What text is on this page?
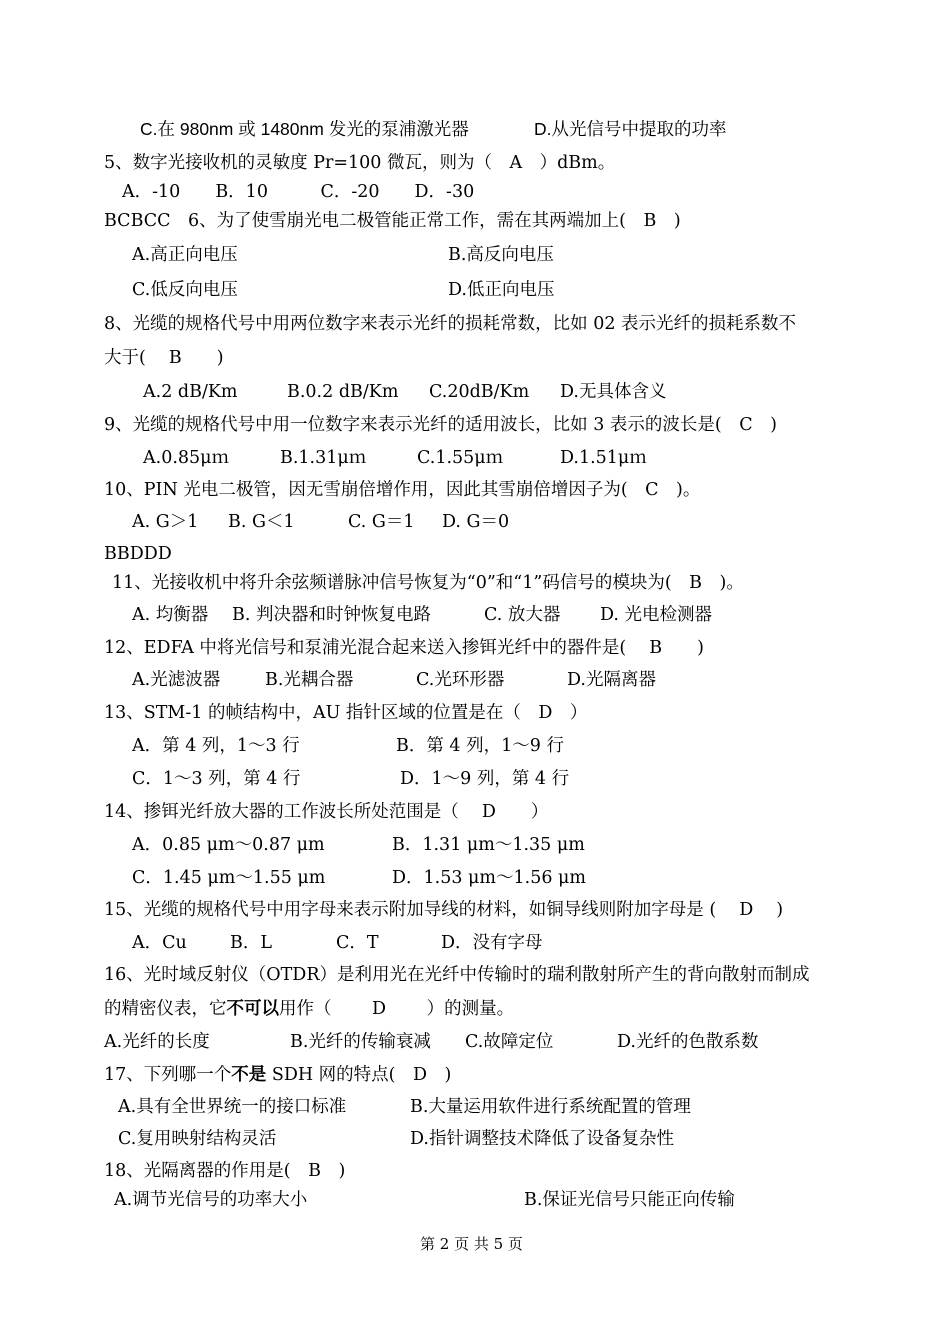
C.在 980nm 或 1480nm 发光的泵浦激光器	D.从光信号中提取的功率
5、数字光接收机的灵敏度 Pr=100 微瓦，则为（　A　）dBm。
A．-10　　B．10　　　C．-20　　D．-30
BCBCC　6、为了使雪崩光电二极管能正常工作，需在其两端加上(　B　)
A.高正向电压	B.高反向电压
C.低反向电压	D.低正向电压
8、光缆的规格代号中用两位数字来表示光纤的损耗常数，比如 02 表示光纤的损耗系数不
大于(　 B　　)
A.2 dB/Km	B.0.2 dB/Km C.20dB/Km D.无具体含义
9、光缆的规格代号中用一位数字来表示光纤的适用波长，比如 3 表示的波长是(　C　)
A.0.85μｍ	B.1.31μｍ	C.1.55μｍ	D.1.51μｍ
10、PIN 光电二极管，因无雪崩倍增作用，因此其雪崩倍增因子为(　C　)。
A. G＞1 B. G＜1	C. G＝1 D. G＝0
BBDDD
11、光接收机中将升余弦频谱脉冲信号恢复为“0”和“1”码信号的模块为(　B　)。
A. 均衡器 B. 判决器和时钟恢复电路	C. 放大器 D. 光电检测器
12、EDFA 中将光信号和泵浦光混合起来送入掺铒光纤中的器件是(　 B　　)
A.光滤波器	B.光耦合器	C.光环形器	D.光隔离器
13、STM-1 的帧结构中，AU 指针区域的位置是在（　D　）
A．第 4 列，1～3 行	B．第 4 列，1～9 行
C．1～3 列，第 4 行	D．1～9 列，第 4 行
14、掺铒光纤放大器的工作波长所处范围是（　 D　　）
A．0.85 μm～0.87 μm	B．1.31 μm～1.35 μm
C．1.45 μm～1.55 μm	D．1.53 μm～1.56 μm
15、光缆的规格代号中用字母来表示附加导线的材料，如铜导线则附加字母是 (　 D　 )
A．Cu B．L	C．T	D．没有字母
16、光时域反射仪（OTDR）是利用光在光纤中传输时的瑞利散射所产生的背向散射而制成
的精密仪表，它不可以用作（　　 D　　 ）的测量。
A.光纤的长度	B.光纤的传输衰减 C.故障定位	D.光纤的色散系数
17、下列哪一个不是 SDH 网的特点(　D　)
A.具有全世界统一的接口标准	B.大量运用软件进行系统配置的管理
C.复用映射结构灵活	D.指针调整技术降低了设备复杂性
18、光隔离器的作用是(　B　)
A.调节光信号的功率大小	B.保证光信号只能正向传输
第 2 页 共 5 页
